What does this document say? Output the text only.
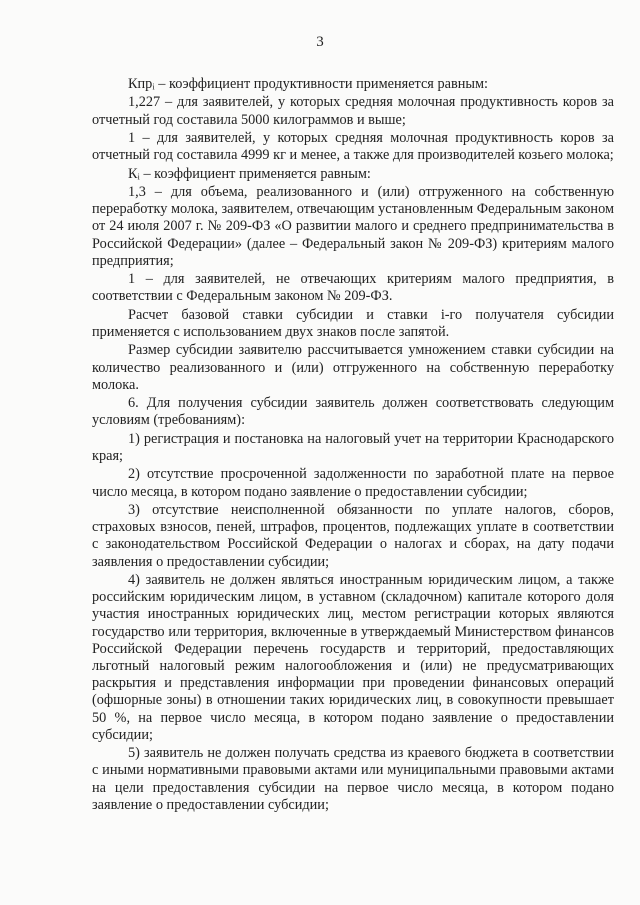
3

Кпрᵢ – коэффициент продуктивности применяется равным:

1,227 – для заявителей, у которых средняя молочная продуктивность коров за отчетный год составила 5000 килограммов и выше;

1 – для заявителей, у которых средняя молочная продуктивность коров за отчетный год составила 4999 кг и менее, а также для производителей козьего молока;

Кᵢ – коэффициент применяется равным:

1,3 – для объема, реализованного и (или) отгруженного на собственную переработку молока, заявителем, отвечающим установленным Федеральным законом от 24 июля 2007 г. № 209-ФЗ «О развитии малого и среднего предпринимательства в Российской Федерации» (далее – Федеральный закон № 209-ФЗ) критериям малого предприятия;

1 – для заявителей, не отвечающих критериям малого предприятия, в соответствии с Федеральным законом № 209-ФЗ.

Расчет базовой ставки субсидии и ставки i-го получателя субсидии применяется с использованием двух знаков после запятой.

Размер субсидии заявителю рассчитывается умножением ставки субсидии на количество реализованного и (или) отгруженного на собственную переработку молока.

6. Для получения субсидии заявитель должен соответствовать следующим условиям (требованиям):

1) регистрация и постановка на налоговый учет на территории Краснодарского края;

2) отсутствие просроченной задолженности по заработной плате на первое число месяца, в котором подано заявление о предоставлении субсидии;

3) отсутствие неисполненной обязанности по уплате налогов, сборов, страховых взносов, пеней, штрафов, процентов, подлежащих уплате в соответствии с законодательством Российской Федерации о налогах и сборах, на дату подачи заявления о предоставлении субсидии;

4) заявитель не должен являться иностранным юридическим лицом, а также российским юридическим лицом, в уставном (складочном) капитале которого доля участия иностранных юридических лиц, местом регистрации которых являются государство или территория, включенные в утверждаемый Министерством финансов Российской Федерации перечень государств и территорий, предоставляющих льготный налоговый режим налогообложения и (или) не предусматривающих раскрытия и представления информации при проведении финансовых операций (офшорные зоны) в отношении таких юридических лиц, в совокупности превышает 50 %, на первое число месяца, в котором подано заявление о предоставлении субсидии;

5) заявитель не должен получать средства из краевого бюджета в соответствии с иными нормативными правовыми актами или муниципальными правовыми актами на цели предоставления субсидии на первое число месяца, в котором подано заявление о предоставлении субсидии;
